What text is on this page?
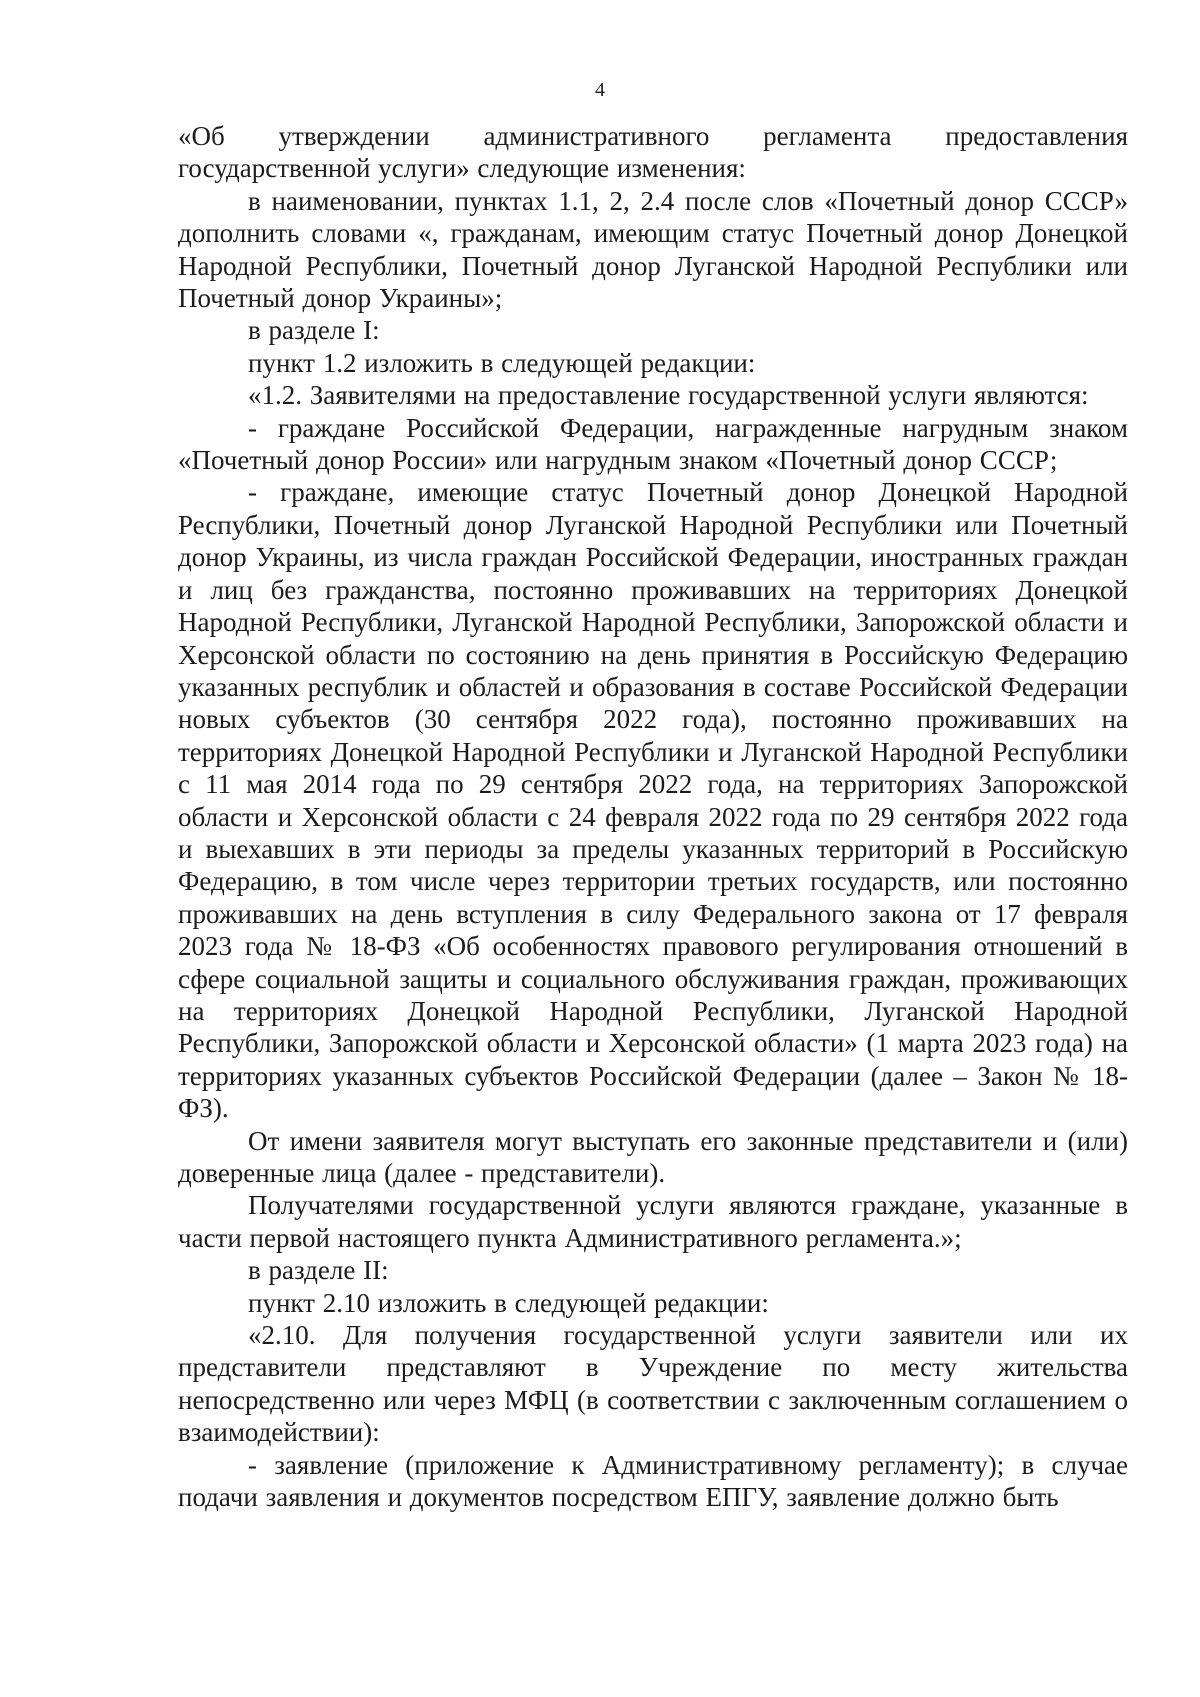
4

«Об утверждении административного регламента предоставления государственной услуги» следующие изменения:

в наименовании, пунктах 1.1, 2, 2.4 после слов «Почетный донор СССР» дополнить словами «, гражданам, имеющим статус Почетный донор Донецкой Народной Республики, Почетный донор Луганской Народной Республики или Почетный донор Украины»;

в разделе I:

пункт 1.2 изложить в следующей редакции:

«1.2. Заявителями на предоставление государственной услуги являются:

- граждане Российской Федерации, награжденные нагрудным знаком «Почетный донор России» или нагрудным знаком «Почетный донор СССР;

- граждане, имеющие статус Почетный донор Донецкой Народной Республики, Почетный донор Луганской Народной Республики или Почетный донор Украины, из числа граждан Российской Федерации, иностранных граждан и лиц без гражданства, постоянно проживавших на территориях Донецкой Народной Республики, Луганской Народной Республики, Запорожской области и Херсонской области по состоянию на день принятия в Российскую Федерацию указанных республик и областей и образования в составе Российской Федерации новых субъектов (30 сентября 2022 года), постоянно проживавших на территориях Донецкой Народной Республики и Луганской Народной Республики с 11 мая 2014 года по 29 сентября 2022 года, на территориях Запорожской области и Херсонской области с 24 февраля 2022 года по 29 сентября 2022 года и выехавших в эти периоды за пределы указанных территорий в Российскую Федерацию, в том числе через территории третьих государств, или постоянно проживавших на день вступления в силу Федерального закона от 17 февраля 2023 года № 18-ФЗ «Об особенностях правового регулирования отношений в сфере социальной защиты и социального обслуживания граждан, проживающих на территориях Донецкой Народной Республики, Луганской Народной Республики, Запорожской области и Херсонской области» (1 марта 2023 года) на территориях указанных субъектов Российской Федерации (далее – Закон № 18-ФЗ).

От имени заявителя могут выступать его законные представители и (или) доверенные лица (далее - представители).

Получателями государственной услуги являются граждане, указанные в части первой настоящего пункта Административного регламента.»;

в разделе II:

пункт 2.10 изложить в следующей редакции:

«2.10. Для получения государственной услуги заявители или их представители представляют в Учреждение по месту жительства непосредственно или через МФЦ (в соответствии с заключенным соглашением о взаимодействии):

- заявление (приложение к Административному регламенту); в случае подачи заявления и документов посредством ЕПГУ, заявление должно быть
